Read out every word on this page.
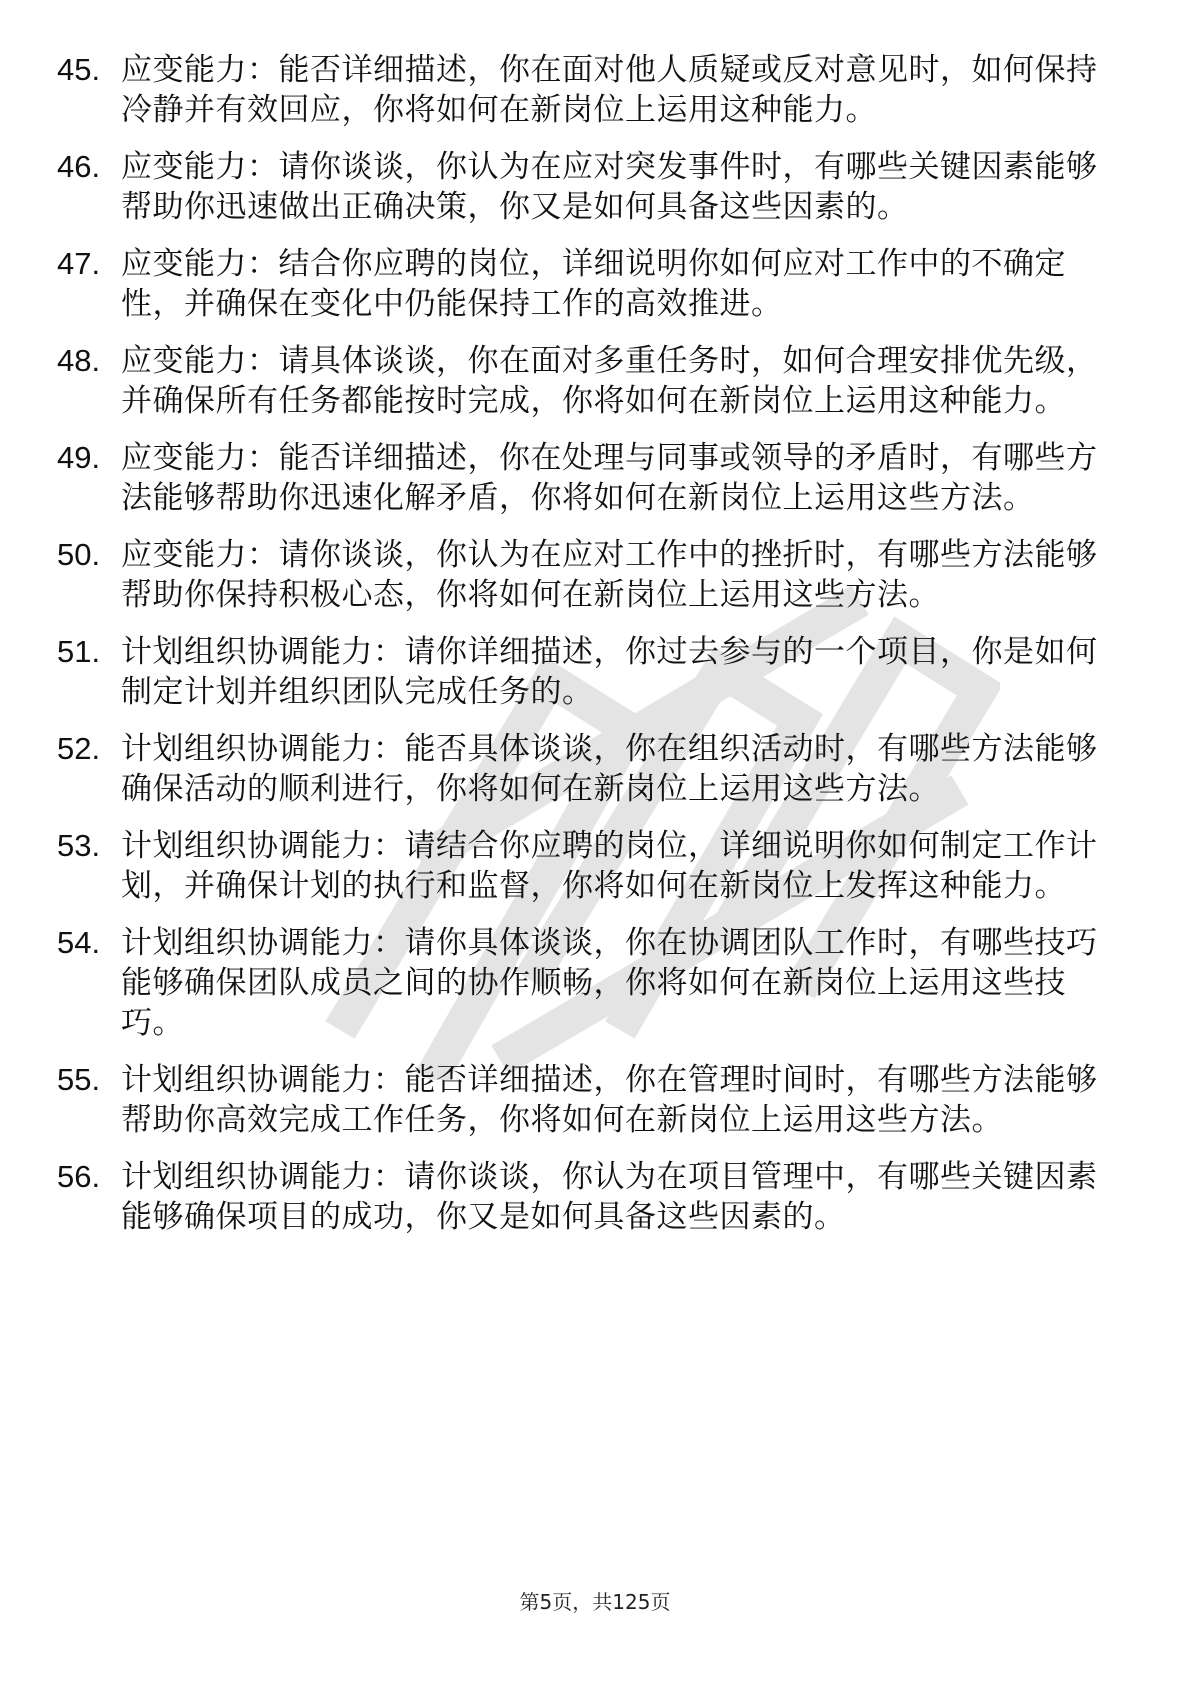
45. 应变能力：能否详细描述，你在面对他人质疑或反对意见时，如何保持冷静并有效回应，你将如何在新岗位上运用这种能力。
46. 应变能力：请你谈谈，你认为在应对突发事件时，有哪些关键因素能够帮助你迅速做出正确决策，你又是如何具备这些因素的。
47. 应变能力：结合你应聘的岗位，详细说明你如何应对工作中的不确定性，并确保在变化中仍能保持工作的高效推进。
48. 应变能力：请具体谈谈，你在面对多重任务时，如何合理安排优先级，并确保所有任务都能按时完成，你将如何在新岗位上运用这种能力。
49. 应变能力：能否详细描述，你在处理与同事或领导的矛盾时，有哪些方法能够帮助你迅速化解矛盾，你将如何在新岗位上运用这些方法。
50. 应变能力：请你谈谈，你认为在应对工作中的挫折时，有哪些方法能够帮助你保持积极心态，你将如何在新岗位上运用这些方法。
51. 计划组织协调能力：请你详细描述，你过去参与的一个项目，你是如何制定计划并组织团队完成任务的。
52. 计划组织协调能力：能否具体谈谈，你在组织活动时，有哪些方法能够确保活动的顺利进行，你将如何在新岗位上运用这些方法。
53. 计划组织协调能力：请结合你应聘的岗位，详细说明你如何制定工作计划，并确保计划的执行和监督，你将如何在新岗位上发挥这种能力。
54. 计划组织协调能力：请你具体谈谈，你在协调团队工作时，有哪些技巧能够确保团队成员之间的协作顺畅，你将如何在新岗位上运用这些技巧。
55. 计划组织协调能力：能否详细描述，你在管理时间时，有哪些方法能够帮助你高效完成工作任务，你将如何在新岗位上运用这些方法。
56. 计划组织协调能力：请你谈谈，你认为在项目管理中，有哪些关键因素能够确保项目的成功，你又是如何具备这些因素的。
第5页，共125页
